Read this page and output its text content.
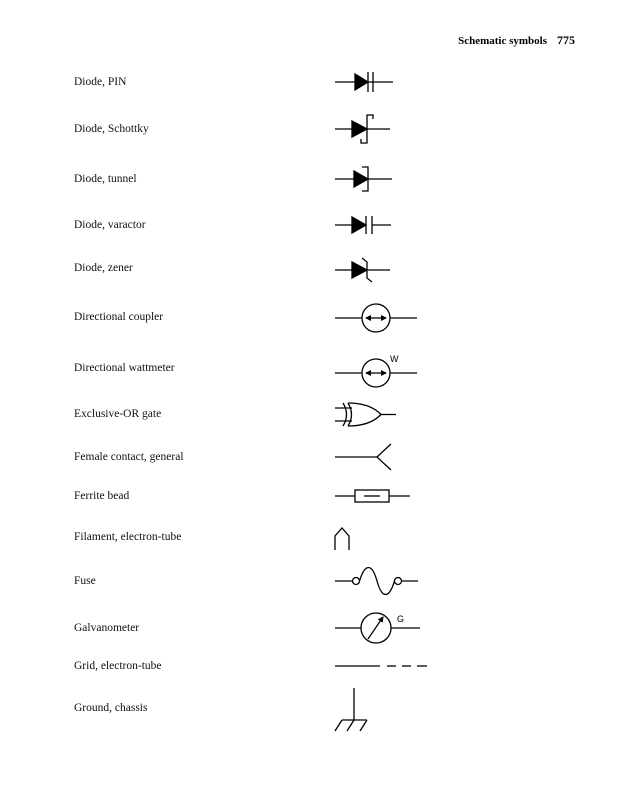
Schematic symbols 775
Diode, PIN
Diode, Schottky
Diode, tunnel
Diode, varactor
Diode, zener
Directional coupler
Directional wattmeter
Exclusive-OR gate
Female contact, general
Ferrite bead
Filament, electron-tube
Fuse
Galvanometer
Grid, electron-tube
Ground, chassis
W
G
